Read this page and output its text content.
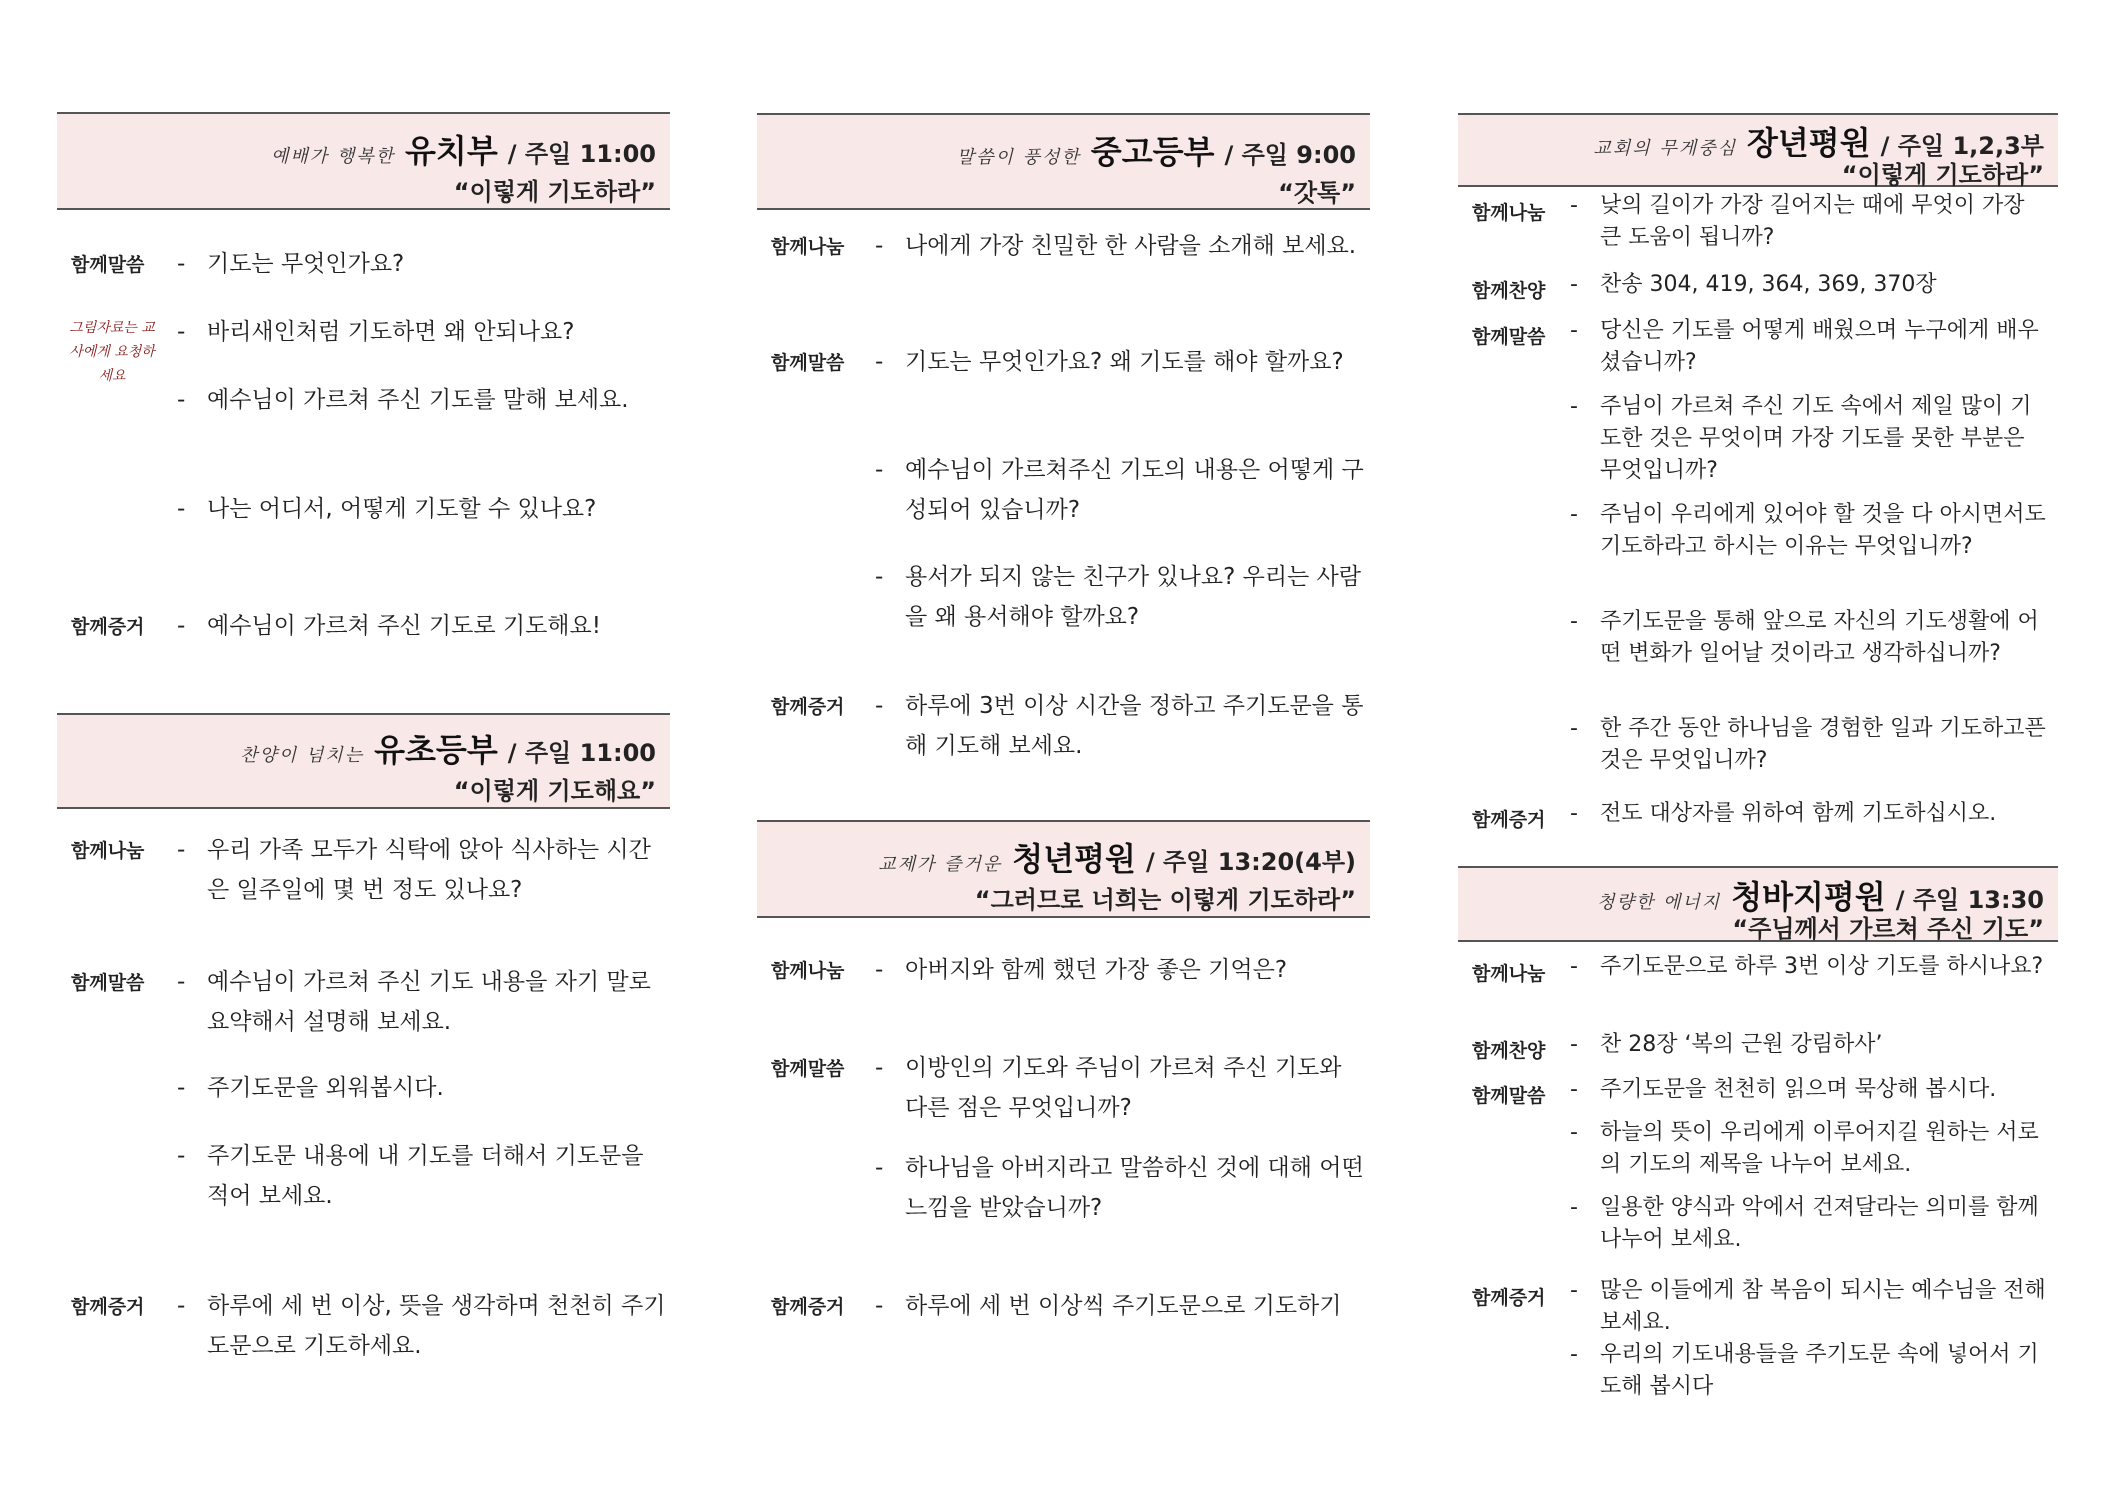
예배가 행복한 유치부 / 주일 11:00
“이렇게 기도하라”
함께말씀 - 기도는 무엇인가요?
그림자료는 교사에게 요청하세요
- 바리새인처럼 기도하면 왜 안되나요?
- 예수님이 가르쳐 주신 기도를 말해 보세요.
- 나는 어디서, 어떻게 기도할 수 있나요?
함께증거 - 예수님이 가르쳐 주신 기도로 기도해요!
찬양이 넘치는 유초등부 / 주일 11:00
“이렇게 기도해요”
함께나눔 - 우리 가족 모두가 식탁에 앉아 식사하는 시간은 일주일에 몇 번 정도 있나요?
함께말씀 - 예수님이 가르쳐 주신 기도 내용을 자기 말로 요약해서 설명해 보세요.
- 주기도문을 외워봅시다.
- 주기도문 내용에 내 기도를 더해서 기도문을 적어 보세요.
함께증거 - 하루에 세 번 이상, 뜻을 생각하며 천천히 주기도문으로 기도하세요.
말씀이 풍성한 중고등부 / 주일 9:00
“갓톡”
함께나눔 - 나에게 가장 친밀한 한 사람을 소개해 보세요.
함께말씀 - 기도는 무엇인가요? 왜 기도를 해야 할까요?
- 예수님이 가르쳐주신 기도의 내용은 어떻게 구성되어 있습니까?
- 용서가 되지 않는 친구가 있나요? 우리는 사람을 왜 용서해야 할까요?
함께증거 - 하루에 3번 이상 시간을 정하고 주기도문을 통해 기도해 보세요.
교제가 즐거운 청년평원 / 주일 13:20(4부)
“그러므로 너희는 이렇게 기도하라”
함께나눔 - 아버지와 함께 했던 가장 좋은 기억은?
함께말씀 - 이방인의 기도와 주님이 가르쳐 주신 기도와 다른 점은 무엇입니까?
- 하나님을 아버지라고 말씀하신 것에 대해 어떤 느낌을 받았습니까?
함께증거 - 하루에 세 번 이상씩 주기도문으로 기도하기
교회의 무게중심 장년평원 / 주일 1,2,3부
“이렇게 기도하라”
함께나눔 -	낮의 길이가 가장 길어지는 때에 무엇이 가장 큰 도움이 됩니까?
함께찬양 -	찬송 304, 419, 364, 369, 370장
함께말씀 -	당신은 기도를 어떻게 배웠으며 누구에게 배우셨습니까?
-	주님이 가르쳐 주신 기도 속에서 제일 많이 기도한 것은 무엇이며 가장 기도를 못한 부분은 무엇입니까?
-	주님이 우리에게 있어야 할 것을 다 아시면서도 기도하라고 하시는 이유는 무엇입니까?
-	주기도문을 통해 앞으로 자신의 기도생활에 어떤 변화가 일어날 것이라고 생각하십니까?
-	한 주간 동안 하나님을 경험한 일과 기도하고픈 것은 무엇입니까?
함께증거 -	전도 대상자를 위하여 함께 기도하십시오.
청량한 에너지 청바지평원 / 주일 13:30
“주님께서 가르쳐 주신 기도”
함께나눔 -	주기도문으로 하루 3번 이상 기도를 하시나요?
함께찬양 -	찬 28장 ‘복의 근원 강림하사’
함께말씀 -	주기도문을 천천히 읽으며 묵상해 봅시다.
-	하늘의 뜻이 우리에게 이루어지길 원하는 서로의 기도의 제목을 나누어 보세요.
-	일용한 양식과 악에서 건져달라는 의미를 함께 나누어 보세요.
함께증거 -	많은 이들에게 참 복음이 되시는 예수님을 전해보세요.
-	우리의 기도내용들을 주기도문 속에 넣어서 기도해 봅시다
